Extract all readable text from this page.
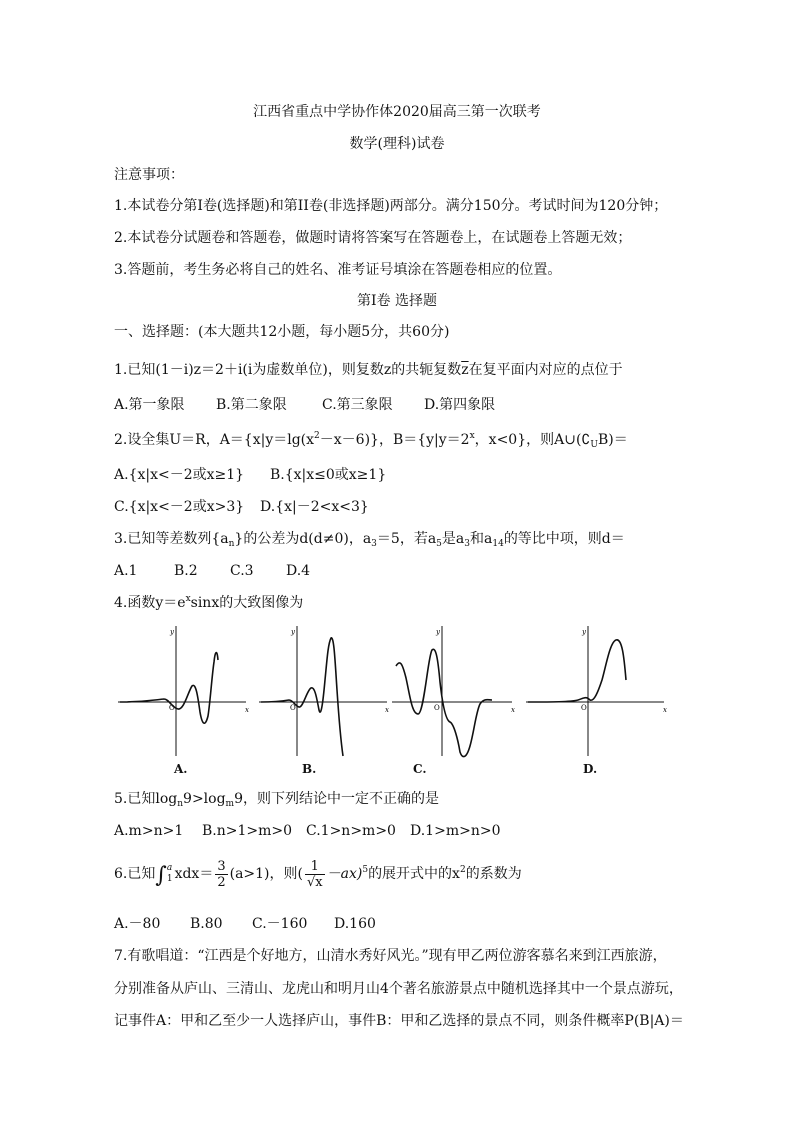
江西省重点中学协作体2020届高三第一次联考
数学(理科)试卷
注意事项：
1.本试卷分第I卷(选择题)和第II卷(非选择题)两部分。满分150分。考试时间为120分钟；
2.本试卷分试题卷和答题卷，做题时请将答案写在答题卷上，在试题卷上答题无效；
3.答题前，考生务必将自己的姓名、准考证号填涂在答题卷相应的位置。
第I卷 选择题
一、选择题：(本大题共12小题，每小题5分，共60分)
1.已知(1－i)z＝2＋i(i为虚数单位)，则复数z的共轭复数$\overline{z}$在复平面内对应的点位于
A.第一象限 B.第二象限	C.第三象限 D.第四象限
2.设全集U＝R，$A=\{x|y=\lg(x^2-x-6)\}$，$B=\{y|y=2^x$，x<0}，则$A\cup(∁_UB)=$
A.{x|x<－2或x≥1} B.{x|x≤0或x≥1}
C.{x|x<－2或x>3} D.{x|－2<x<3}
3.已知等差数列$\{a_n\}$的公差为d(d≠0)，$a_3=5$，若$a_5$是$a_3$和$a_{14}$的等比中项，则d＝
A.1	B.2 C.3 D.4
4.函数$y=e^x\sin x$的大致图像为
x
y
O
A.
x
y
O
B.
x
y
O
C.
x
y
O
D.
5.已知$\log_n9>\log_m9$，则下列结论中一定不正确的是
A.m>n>1 B.n>1>m>0 C.1>n>m>0 D.1>m>n>0
6.已知∫ a
1 $xdx= \frac{3}{2} (a>1)$，则( $\frac{1}{√x} -ax)^5$的展开式中的$x^2$的系数为
A.－80 B.80 C.－160 D.160
7.有歌唱道：“江西是个好地方，山清水秀好风光。”现有甲乙两位游客慕名来到江西旅游，
分别准备从庐山、三清山、龙虎山和明月山4个著名旅游景点中随机选择其中一个景点游玩，
记事件A：甲和乙至少一人选择庐山，事件B：甲和乙选择的景点不同，则条件概率P(B|A)＝
